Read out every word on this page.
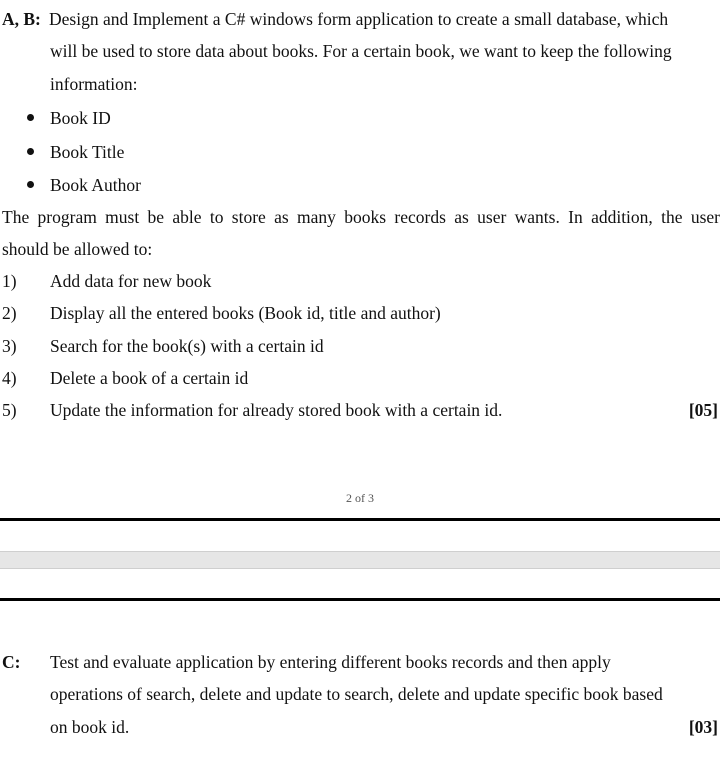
A, B: Design and Implement a C# windows form application to create a small database, which
will be used to store data about books. For a certain book, we want to keep the following
information:
Book ID
Book Title
Book Author
The program must be able to store as many books records as user wants. In addition, the user
should be allowed to:
1) Add data for new book
2) Display all the entered books (Book id, title and author)
3) Search for the book(s) with a certain id
4) Delete a book of a certain id
5) Update the information for already stored book with a certain id.	[05]
2 of 3
C: Test and evaluate application by entering different books records and then apply
operations of search, delete and update to search, delete and update specific book based
on book id.	[03]
